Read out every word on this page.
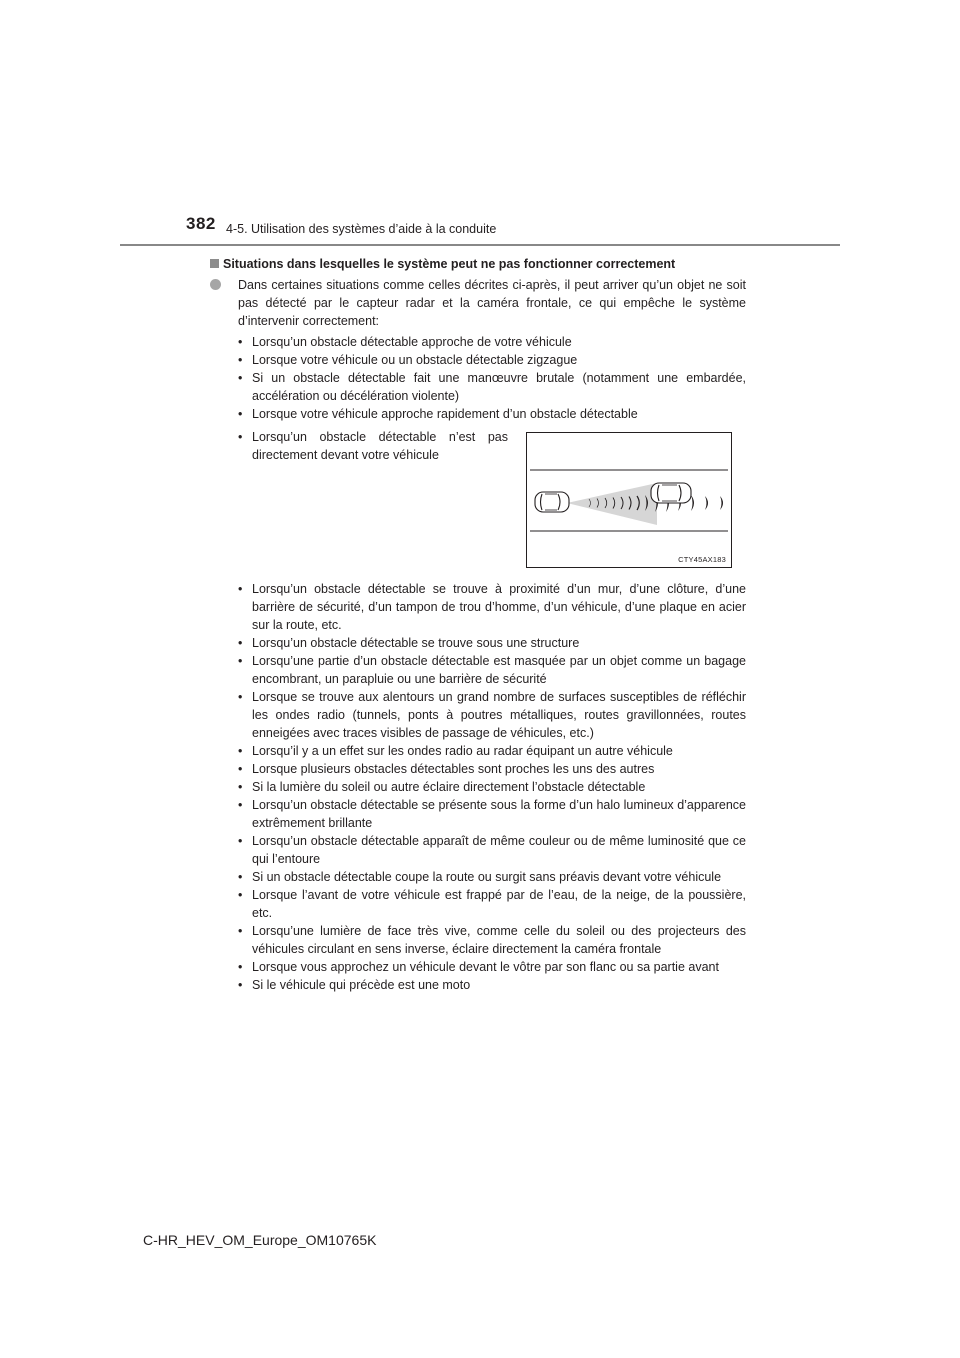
382 4-5. Utilisation des systèmes d’aide à la conduite
Situations dans lesquelles le système peut ne pas fonctionner correctement
Dans certaines situations comme celles décrites ci-après, il peut arriver qu’un objet ne soit pas détecté par le capteur radar et la caméra frontale, ce qui empêche le système d’intervenir correctement:
• Lorsqu’un obstacle détectable approche de votre véhicule
• Lorsque votre véhicule ou un obstacle détectable zigzague
• Si un obstacle détectable fait une manœuvre brutale (notamment une embardée, accélération ou décélération violente)
• Lorsque votre véhicule approche rapidement d’un obstacle détectable
• Lorsqu’un obstacle détectable n’est pas directement devant votre véhicule
CTY45AX183
• Lorsqu’un obstacle détectable se trouve à proximité d’un mur, d’une clôture, d’une barrière de sécurité, d’un tampon de trou d’homme, d’un véhicule, d’une plaque en acier sur la route, etc.
• Lorsqu’un obstacle détectable se trouve sous une structure
• Lorsqu’une partie d’un obstacle détectable est masquée par un objet comme un bagage encombrant, un parapluie ou une barrière de sécurité
• Lorsque se trouve aux alentours un grand nombre de surfaces susceptibles de réfléchir les ondes radio (tunnels, ponts à poutres métalliques, routes gravillonnées, routes enneigées avec traces visibles de passage de véhicules, etc.)
• Lorsqu’il y a un effet sur les ondes radio au radar équipant un autre véhicule
• Lorsque plusieurs obstacles détectables sont proches les uns des autres
• Si la lumière du soleil ou autre éclaire directement l’obstacle détectable
• Lorsqu’un obstacle détectable se présente sous la forme d’un halo lumineux d’apparence extrêmement brillante
• Lorsqu’un obstacle détectable apparaît de même couleur ou de même luminosité que ce qui l’entoure
• Si un obstacle détectable coupe la route ou surgit sans préavis devant votre véhicule
• Lorsque l’avant de votre véhicule est frappé par de l’eau, de la neige, de la poussière, etc.
• Lorsqu’une lumière de face très vive, comme celle du soleil ou des projecteurs des véhicules circulant en sens inverse, éclaire directement la caméra frontale
• Lorsque vous approchez un véhicule devant le vôtre par son flanc ou sa partie avant
• Si le véhicule qui précède est une moto
C-HR_HEV_OM_Europe_OM10765K
